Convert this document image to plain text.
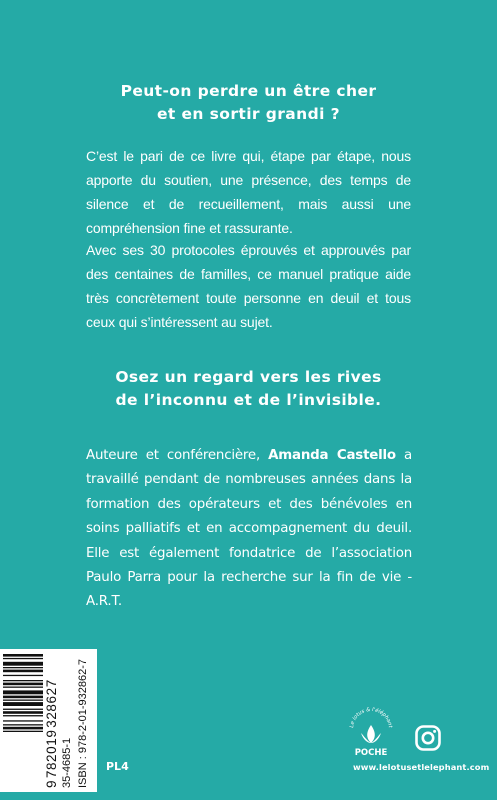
Peut-on perdre un être cher
et en sortir grandi ?
C’est le pari de ce livre qui, étape par étape, nous apporte du soutien, une présence, des temps de silence et de recueillement, mais aussi une compréhension fine et rassurante.
Avec ses 30 protocoles éprouvés et approuvés par des centaines de familles, ce manuel pratique aide très concrètement toute personne en deuil et tous ceux qui s’intéressent au sujet.
Osez un regard vers les rives
de l’inconnu et de l’invisible.
Auteure et conférencière, Amanda Castello a travaillé pendant de nombreuses années dans la formation des opérateurs et des bénévoles en soins palliatifs et en accompagnement du deuil. Elle est également fondatrice de l’association Paulo Parra pour la recherche sur la fin de vie - A.R.T.
9 782019 328627 35-4685-1 ISBN : 978-2-01-932862-7 PL4
Le lotus & l'éléphant
POCHE
www.lelotusetlelephant.com
